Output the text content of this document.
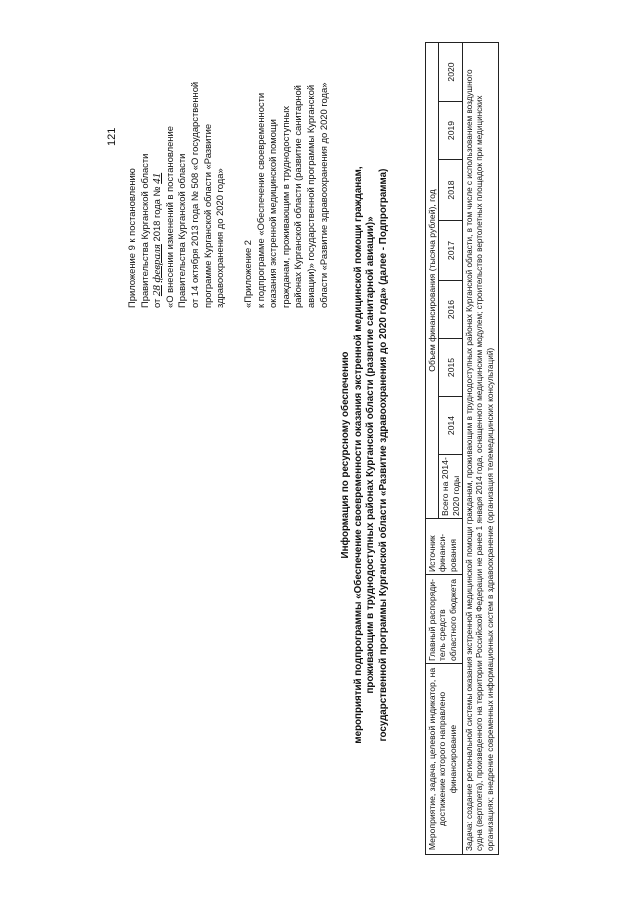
121
Приложение 9 к постановлению Правительства Курганской области от 28 февраля 2018 года № 41 «О внесении изменений в постановление Правительства Курганской области от 14 октября 2013 года № 508 «О государственной программе Курганской области «Развитие здравоохранения до 2020 года» «Приложение 2 к подпрограмме «Обеспечение своевременности оказания экстренной медицинской помощи гражданам, проживающим в труднодоступных районах Курганской области (развитие санитарной авиации)» государственной программы Курганской области «Развитие здравоохранения до 2020 года»
Информация по ресурсному обеспечению мероприятий подпрограммы «Обеспечение своевременности оказания экстренной медицинской помощи гражданам, проживающим в труднодоступных районах Курганской области (развитие санитарной авиации)» государственной программы Курганской области «Развитие здравоохранения до 2020 года» (далее - Подпрограмма)
Мероприятие, задача, целевой индикатор, на достижение которого направлено финансирование	Главный распоряди-тель средств областного бюджета	Источник финанси-рования	Объем финансирования (тысяча рублей), год							
			Всего на 2014-2020 годы	2014	2015	2016	2017	2018	2019	2020
Задача: создание региональной системы оказания экстренной медицинской помощи гражданам, проживающим в труднодоступных районах Курганской области, в том числе с использованием воздушного судна (вертолета), произведенного на территории Российской Федерации не ранее 1 января 2014 года, оснащенного медицинским модулем; строительство вертолетных площадок при медицинских организациях; внедрение современных информационных систем в здравоохранение (организация телемедицинских консультаций)										
